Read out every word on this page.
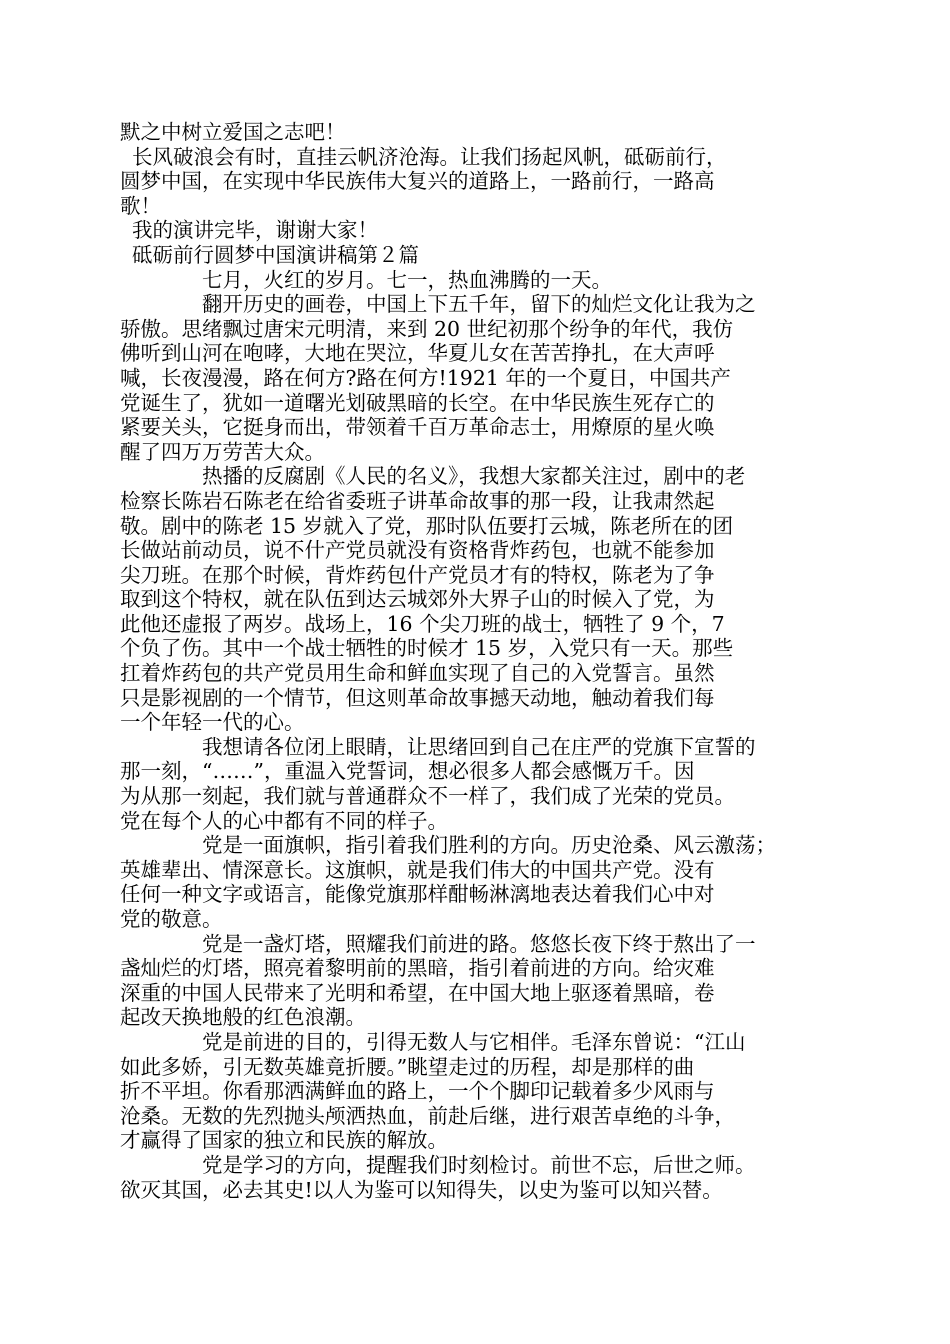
默之中树立爱国之志吧！
长风破浪会有时，直挂云帆济沧海。让我们扬起风帆，砥砺前行，
圆梦中国，在实现中华民族伟大复兴的道路上，一路前行，一路高
歌！
我的演讲完毕，谢谢大家！
砥砺前行圆梦中国演讲稿第２篇
七月，火红的岁月。七一，热血沸腾的一天。
翻开历史的画卷，中国上下五千年，留下的灿烂文化让我为之
骄傲。思绪飘过唐宋元明清，来到 20 世纪初那个纷争的年代，我仿
佛听到山河在咆哮，大地在哭泣，华夏儿女在苦苦挣扎，在大声呼
喊，长夜漫漫，路在何方?路在何方!1921 年的一个夏日，中国共产
党诞生了，犹如一道曙光划破黑暗的长空。在中华民族生死存亡的
紧要关头，它挺身而出，带领着千百万革命志士，用燎原的星火唤
醒了四万万劳苦大众。
热播的反腐剧《人民的名义》，我想大家都关注过，剧中的老
检察长陈岩石陈老在给省委班子讲革命故事的那一段，让我肃然起
敬。剧中的陈老 15 岁就入了党，那时队伍要打云城，陈老所在的团
长做站前动员，说不什产党员就没有资格背炸药包，也就不能参加
尖刀班。在那个时候，背炸药包什产党员才有的特权，陈老为了争
取到这个特权，就在队伍到达云城郊外大界子山的时候入了党，为
此他还虚报了两岁。战场上，16 个尖刀班的战士，牺牲了 9 个，7
个负了伤。其中一个战士牺牲的时候才 15 岁，入党只有一天。那些
扛着炸药包的共产党员用生命和鲜血实现了自己的入党誓言。虽然
只是影视剧的一个情节，但这则革命故事撼天动地，触动着我们每
一个年轻一代的心。
我想请各位闭上眼睛，让思绪回到自己在庄严的党旗下宣誓的
那一刻，“……”，重温入党誓词，想必很多人都会感慨万千。因
为从那一刻起，我们就与普通群众不一样了，我们成了光荣的党员。
党在每个人的心中都有不同的样子。
党是一面旗帜，指引着我们胜利的方向。历史沧桑、风云激荡；
英雄辈出、情深意长。这旗帜，就是我们伟大的中国共产党。没有
任何一种文字或语言，能像党旗那样酣畅淋漓地表达着我们心中对
党的敬意。
党是一盏灯塔，照耀我们前进的路。悠悠长夜下终于熬出了一
盏灿烂的灯塔，照亮着黎明前的黑暗，指引着前进的方向。给灾难
深重的中国人民带来了光明和希望，在中国大地上驱逐着黑暗，卷
起改天换地般的红色浪潮。
党是前进的目的，引得无数人与它相伴。毛泽东曾说：“江山
如此多娇，引无数英雄竟折腰。”眺望走过的历程，却是那样的曲
折不平坦。你看那洒满鲜血的路上，一个个脚印记载着多少风雨与
沧桑。无数的先烈抛头颅洒热血，前赴后继，进行艰苦卓绝的斗争，
才赢得了国家的独立和民族的解放。
党是学习的方向，提醒我们时刻检讨。前世不忘，后世之师。
欲灭其国，必去其史!以人为鉴可以知得失，以史为鉴可以知兴替。
